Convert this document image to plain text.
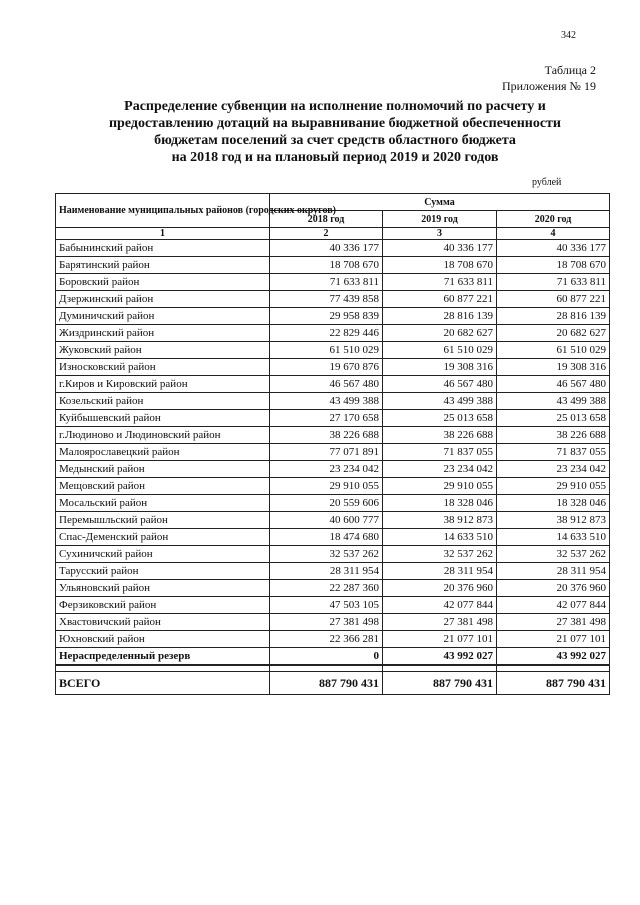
342
Таблица 2
Приложения № 19
Распределение субвенции на исполнение полномочий по расчету и
предоставлению дотаций на выравнивание бюджетной обеспеченности
бюджетам поселений за счет средств областного бюджета
на 2018 год и на плановый период 2019 и 2020 годов
рублей
Наименование муниципальных районов (городских округов)	Сумма		
	2018 год	2019 год	2020 год
1	2	3	4
Бабынинский район	40 336 177	40 336 177	40 336 177
Барятинский район	18 708 670	18 708 670	18 708 670
Боровский район	71 633 811	71 633 811	71 633 811
Дзержинский район	77 439 858	60 877 221	60 877 221
Думиничский район	29 958 839	28 816 139	28 816 139
Жиздринский район	22 829 446	20 682 627	20 682 627
Жуковский район	61 510 029	61 510 029	61 510 029
Износковский район	19 670 876	19 308 316	19 308 316
г.Киров и Кировский район	46 567 480	46 567 480	46 567 480
Козельский район	43 499 388	43 499 388	43 499 388
Куйбышевский район	27 170 658	25 013 658	25 013 658
г.Людиново и Людиновский район	38 226 688	38 226 688	38 226 688
Малоярославецкий район	77 071 891	71 837 055	71 837 055
Медынский район	23 234 042	23 234 042	23 234 042
Мещовский район	29 910 055	29 910 055	29 910 055
Мосальский район	20 559 606	18 328 046	18 328 046
Перемышльский район	40 600 777	38 912 873	38 912 873
Спас-Деменский район	18 474 680	14 633 510	14 633 510
Сухиничский район	32 537 262	32 537 262	32 537 262
Тарусский район	28 311 954	28 311 954	28 311 954
Ульяновский район	22 287 360	20 376 960	20 376 960
Ферзиковский район	47 503 105	42 077 844	42 077 844
Хвастовичский район	27 381 498	27 381 498	27 381 498
Юхновский район	22 366 281	21 077 101	21 077 101
Нераспределенный резерв	0	43 992 027	43 992 027

ВСЕГО	887 790 431	887 790 431	887 790 431
